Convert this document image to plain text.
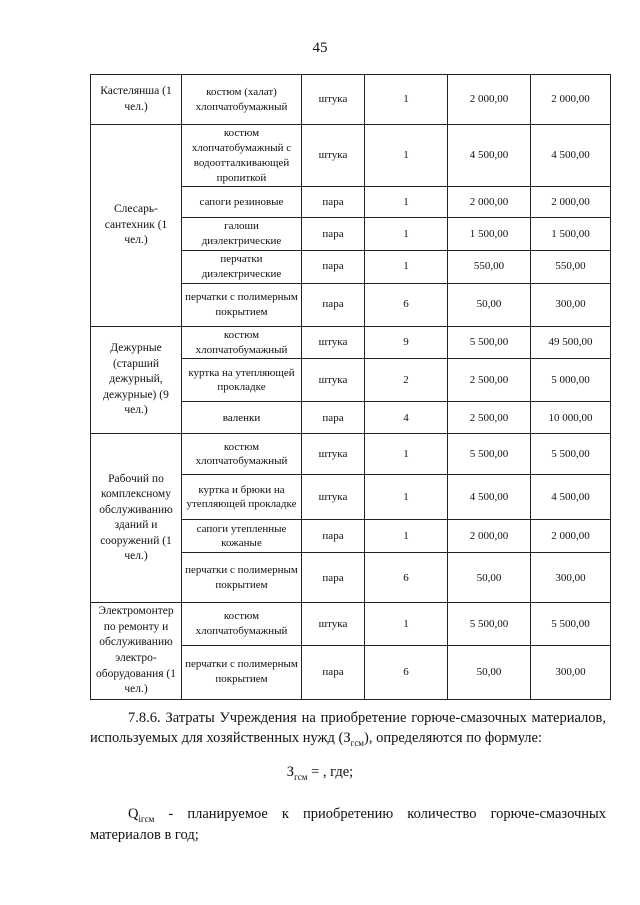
45
Кастелянша (1 чел.)	костюм (халат) хлопчатобумажный	штука	1	2 000,00	2 000,00
Слесарь-сантехник (1 чел.)	костюм хлопчатобумажный с водоотталкивающей пропиткой	штука	1	4 500,00	4 500,00
	сапоги резиновые	пара	1	2 000,00	2 000,00
	галоши диэлектрические	пара	1	1 500,00	1 500,00
	перчатки диэлектрические	пара	1	550,00	550,00
	перчатки с полимерным покрытием	пара	6	50,00	300,00
Дежурные (старший дежурный, дежурные) (9 чел.)	костюм хлопчатобумажный	штука	9	5 500,00	49 500,00
	куртка на утепляющей прокладке	штука	2	2 500,00	5 000,00
	валенки	пара	4	2 500,00	10 000,00
Рабочий по комплексному обслуживанию зданий и сооружений (1 чел.)	костюм хлопчатобумажный	штука	1	5 500,00	5 500,00
	куртка и брюки на утепляющей прокладке	штука	1	4 500,00	4 500,00
	сапоги утепленные кожаные	пара	1	2 000,00	2 000,00
	перчатки с полимерным покрытием	пара	6	50,00	300,00
Электромонтер по ремонту и обслуживанию электро-оборудования (1 чел.)	костюм хлопчатобумажный	штука	1	5 500,00	5 500,00
	перчатки с полимерным покрытием	пара	6	50,00	300,00
7.8.6. Затраты Учреждения на приобретение горюче-смазочных материалов, используемых для хозяйственных нужд $(З_{гсм})$, определяются по формуле:
$З_{гсм}$ = , где;
$Q_{iгсм}$ - планируемое к приобретению количество горюче-смазочных материалов в год;
